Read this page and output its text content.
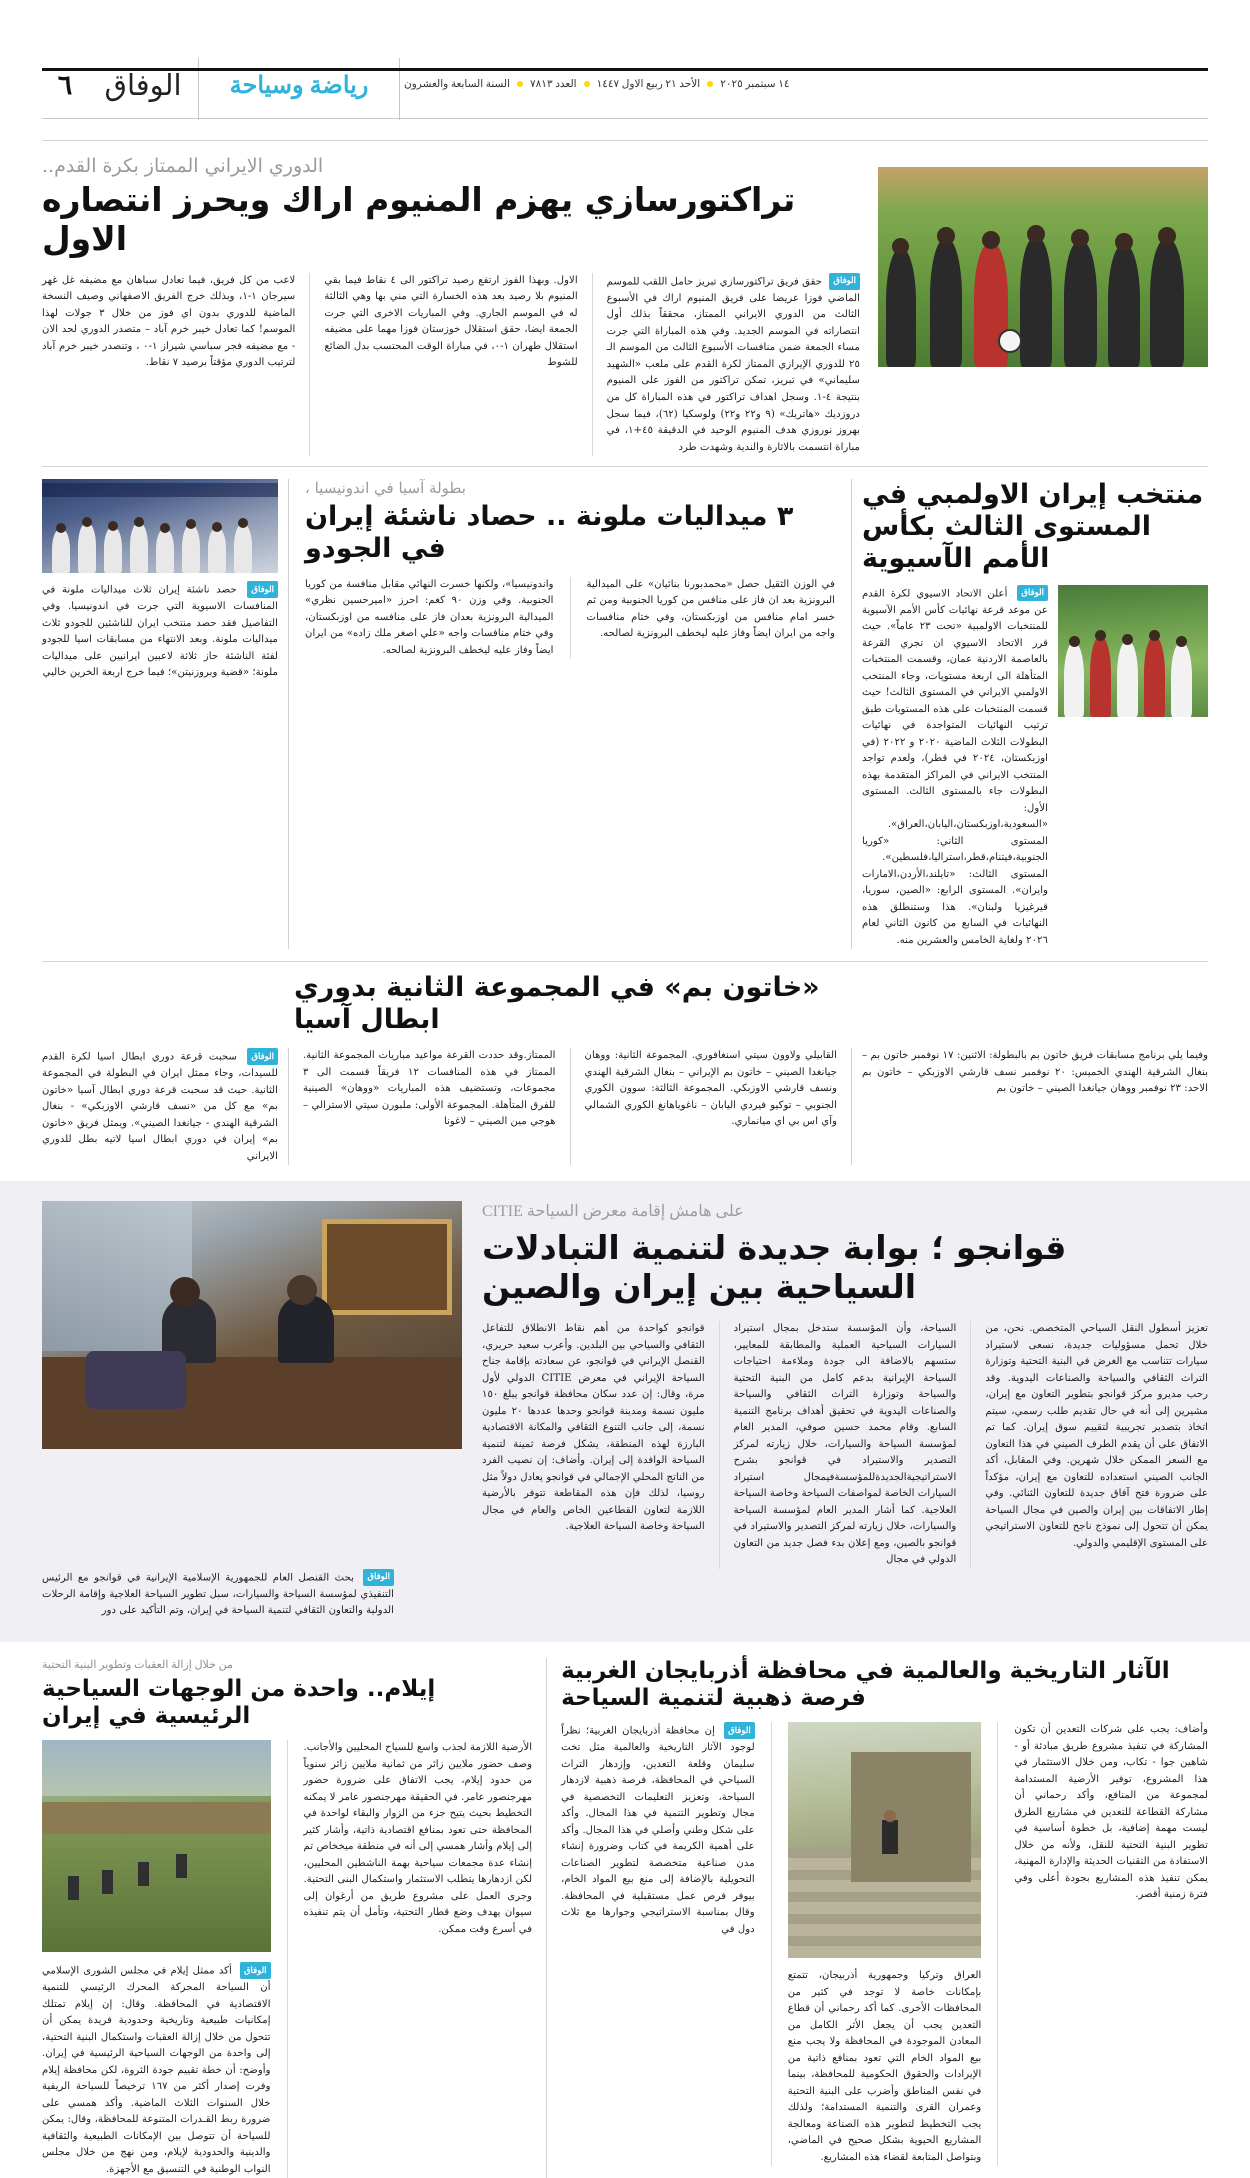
١٤ سبتمبر ٢٠٢٥
الأحد ٢١ ربيع الاول ١٤٤٧
العدد ٧٨١٣
السنة السابعة والعشرون
رياضة وسياحة
الوفاق
٦
الدوري الايراني الممتاز بكرة القدم..
تراكتورسازي يهزم المنيوم اراك ويحرز انتصاره الاول
الوفاق حقق فريق تراكتورسازي تبريز حامل اللقب للموسم الماضي فوزا عريضا على فريق المنيوم اراك في الأسبوع الثالث من الدوري الايراني الممتاز، محققاً بذلك أول انتصاراته في الموسم الجديد. وفي هذه المباراة التي جرت مساء الجمعة ضمن منافسات الأسبوع الثالث من الموسم الـ ٢٥ للدوري الإيرازي الممتاز لكرة القدم على ملعب «الشهيد سليماني» في تبريز، تمكن تراكتور من الفوز على المنيوم بنتيجة ٤-١. وسجل اهداف تراكتور في هذه المباراة كل من دروزديك «هاتريك» (٩ و٢٢ و٢٢) ولوسكيا (٦٢)، فيما سجل بهروز نوروزي هدف المنيوم الوحيد في الدقيقة ٤٥+١، في مباراة انتسمت بالاثارة والندية وشهدت طرد
الاول. وبهذا الفوز ارتفع رصيد تراكتور الى ٤ نقاط فيما بقي المنيوم بلا رصيد بعد هذه الخسارة التي مني بها وهي الثالثة له في الموسم الجاري. وفي المباريات الاخرى التي جرت الجمعة ايضا، حقق استقلال خوزستان فوزا مهما على مضيفه استقلال طهران ١-٠، في مباراة الوقت المحتسب بدل الضائع للشوط
لاعب من كل فريق، فيما تعادل سباهان مع مضيفه غل غهر سيرجان ١-١، وبذلك خرج الفريق الاصفهاني وصيف النسخة الماضية للدوري بدون اي فوز من خلال ٣ جولات لهذا الموسم! كما تعادل خيبر خرم آباد – متصدر الدوري لحد الان - مع مضيفه فجر سباسي شيراز ١-٠ ، وتنصدر خيبر خرم آباد لترتيب الدوري مؤقتاً برصيد ٧ نقاط.
منتخب إيران الاولمبي في المستوى الثالث بكأس الأمم الآسيوية
الوفاق أعلن الاتحاد الاسيوي لكرة القدم عن موعد قرعة نهائيات كأس الأمم الآسيوية للمنتخبات الاولمبية «تحت ٢٣ عاماً». حيث قرر الاتحاد الاسيوي ان تجري القرعة بالعاصمة الاردنية عمان، وقسمت المنتخبات المتأهلة الى اربعة مستويات، وجاء المنتخب الاولمبي الايراني في المستوى الثالث! حيث قسمت المنتخبات على هذه المستويات طبق ترتيب النهائيات المتواجدة في نهائيات البطولات الثلاث الماضية ٢٠٢٠ و ٢٠٢٢ (في اوزبكستان، ٢٠٢٤ في قطر)، ولعدم تواجد المنتخب الايراني في المراكز المتقدمة بهذه البطولات جاء بالمستوى الثالث. المستوى الأول: «السعودية،اوزبكستان،اليابان،العراق». المستوى الثاني: «كوريا الجنوبية،فيتنام،قطر،استراليا،فلسطين». المستوى الثالث: «تايلند،الأردن،الامارات وايران». المستوى الرابع: «الصين، سوريا، قيرغيزيا ولبنان». هذا وستنطلق هذه النهائيات في السابع من كانون الثاني لعام ٢٠٢٦ ولغاية الخامس والعشرين منه.
بطولة آسيا في اندونيسيا ،
٣ ميداليات ملونة .. حصاد ناشئة إيران في الجودو
في الوزن الثقيل حصل «محمدبورنا بنائيان» على الميدالية البرونزية بعد ان فاز على منافس من كوريا الجنوبية ومن ثم خسر امام منافس من اوزبكستان، وفي ختام منافسات واجه من ايران ايضاً وفاز عليه ليخطف البرونزية لصالحه.
واندونيسيا»، ولكنها خسرت النهائي مقابل منافسة من كوريا الجنوبية. وفي وزن ٩٠ كغم: احرز «اميرحسين نظري» الميدالية البرونزية بعدان فاز على منافسه من اوزبكستان، وفي ختام منافسات واجه «علي اصغر ملك زاده» من ايران ايضاً وفاز عليه ليخطف البرونزية لصالحه.
الوفاق حصد ناشئة إيران ثلاث ميداليات ملونة في المنافسات الاسيوية التي جرت في اندونيسيا. وفي التفاصيل فقد حصد منتخب ايران للناشئين للجودو ثلاث ميداليات ملونة. وبعد الانتهاء من مسابقات اسيا للجودو لفئة الناشئة حاز ثلاثة لاعبين ايرانيين على ميداليات ملونة؛ «قضية وبروزنيتن»؛ فيما خرج اربعة الخرين خاليي
«خاتون بم» في المجموعة الثانية بدوري ابطال آسيا
وفيما يلي برنامج مسابقات فريق خاتون بم بالبطولة: الاثنين: ١٧ نوفمبر خاتون بم – بنغال الشرقية الهندي الخميس: ٢٠ نوفمبر نسف قارشي الاوزبكي – خاتون بم الاحد: ٢٣ نوفمبر ووهان جيانغدا الصيني – خاتون بم
القابيلي ولاوون سيتي اسنغافوري. المجموعة الثانية: ووهان جيانغدا الصيني – خاتون بم الإيراني – بنغال الشرقية الهندي ونسف قارشي الاوزبكي. المجموعة الثالثة: سوون الكوري الجنوبي – توكيو فيردي اليابان – ناغوياهانغ الكوري الشمالي وآي اس بي اي ميانماري.
الممتاز.وقد حددت القرعة مواعيد مباريات المجموعة الثانية. الممتاز في هذه المنافسات ١٢ فريقاً قسمت الى ٣ مجموعات، وتستضيف هذه المباريات «ووهان» الصينية للفرق المتأهلة. المجموعة الأولى: ملبورن سيتي الاسترالي – هوجي مين الصيني – لاغونا
الوفاق سحبت قرعة دوري ابطال اسيا لكرة القدم للسيدات، وجاء ممثل ايران في البطولة في المجموعة الثانية. حيث قد سحبت قرعة دوري ابطال آسيا «خاتون بم» مع كل من «نسف قارشي الاوزبكي» - بنغال الشرقية الهندي - جيانغدا الصيني». ويمثل فريق «خاتون بم» إيران في دوري ابطال اسيا لاتيه بطل للدوري الايراني
على هامش إقامة معرض السياحة CITIE
قوانجو ؛ بوابة جديدة لتنمية التبادلات السياحية بين إيران والصين
تعزيز أسطول النقل السياحي المتخصص. نحن، من خلال تحمل مسؤوليات جديدة، نسعى لاستيراد سيارات تتناسب مع الغرض في البنية التحتية وتوزارة التراث الثقافي والسياحة والصناعات اليدوية. وقد رحب مديرو مركز قوانجو بتطوير التعاون مع إيران، مشيرين إلى أنه في حال تقديم طلب رسمي، سيتم اتخاذ بتصدير تجريبية لتقييم سوق إيران. كما تم الاتفاق على أن يقدم الطرف الصيني في هذا التعاون مع السعر الممكن خلال شهرين. وفي المقابل، أكد الجانب الصيني استعداده للتعاون مع إيران، مؤكداً على ضرورة فتح آفاق جديدة للتعاون الثنائي. وفي إطار الاتفاقات بين إيران والصين في مجال السياحة يمكن أن تتحول إلى نموذج ناجح للتعاون الاستراتيجي على المستوى الإقليمي والدولي.
السياحة، وأن المؤسسة ستدخل بمجال استيراد السيارات السياحية العملية والمطابقة للمعايير، ستسهم بالاضافة الى جودة وملاءمة احتياجات السياحة الإيرانية بدعم كامل من البنية التحتية والسياحة وتوزارة التراث الثقافي والسياحة والصناعات اليدوية في تحقيق أهداف برنامج التنمية السابع. وقام محمد حسين صوفي، المدير العام لمؤسسة السياحة والسيارات، خلال زيارته لمركز التصدير والاستيراد في قوانجو بشرح الاستراتيجيةالجديدةللمؤسسةفيمجال استيراد السيارات الخاصة لمواصفات السياحة وخاصة السياحة العلاجية. كما أشار المدير العام لمؤسسة السياحة والسيارات، خلال زيارته لمركز التصدير والاستيراد في قوانجو بالصين، ومع إعلان بدء فصل جديد من التعاون الدولي في مجال
قوانجو كواحدة من أهم نقاط الانطلاق للتفاعل الثقافي والسياحي بين البلدين. وأعرب سعيد حريري، القنصل الإيراني في قوانجو، عن سعادته بإقامة جناح السياحة الإيراني في معرض CITIE الدولي لأول مرة، وقال: إن عدد سكان محافظة قوانجو يبلغ ١٥٠ مليون نسمة ومدينة قوانجو وحدها عددها ٢٠ مليون نسمة، إلى جانب التنوع الثقافي والمكانة الاقتصادية البارزة لهذه المنطقة، يشكل فرصة ثمينة لتنمية السياحة الوافدة إلى إيران. وأضاف: إن نصيب الفرد من الناتج المحلي الإجمالي في قوانجو يعادل دولاً مثل روسيا، لذلك فإن هذه المقاطعة تتوفر بالأرضية اللازمة لتعاون القطاعين الخاص والعام في مجال السياحة وخاصة السياحة العلاجية.
الوفاق بحث القنصل العام للجمهورية الإسلامية الإيرانية في قوانجو مع الرئيس التنفيذي لمؤسسة السياحة والسيارات، سبل تطوير السياحة العلاجية وإقامة الرحلات الدولية والتعاون الثقافي لتنمية السياحة في إيران، وتم التأكيد على دور
الآثار التاريخية والعالمية في محافظة أذربايجان الغربية فرصة ذهبية لتنمية السياحة
وأضاف: يجب على شركات التعدين أن تكون المشاركة في تنفيذ مشروع طريق مبادئة أو - شاهين جوا - تكاب، ومن خلال الاستثمار في هذا المشروع، توفير الأرضية المستدامة لمجموعة من المنافع، وأكد رحماني أن مشاركة القطاعة للتعدين في مشاريع الطرق ليست مهمة إضافية، بل خطوة أساسية في تطوير البنية التحتية للنقل، ولأنه من خلال الاستفادة من التقنيات الحديثة والإدارة المهنية، يمكن تنفيذ هذه المشاريع بجودة أعلى وفي فترة زمنية أقصر.
العراق وتركيا وجمهورية أذربيجان، تتمتع بإمكانات خاصة لا توجد في كثير من المحافظات الأخرى. كما أكد رحماني أن قطاع التعدين يجب أن يجعل الأثر الكامل من المعادن الموجودة في المحافظة ولا يجب منع بيع المواد الخام التي تعود بمنافع ذاتية من الإيرادات والحقوق الحكومية للمحافظة، بينما في نفس المناطق وأضرب على البنية التحتية وعمران القرى والتنمية المستدامة؛ ولذلك يجب التخطيط لتطوير هذه الصناعة ومعالجة المشاريع الحيوية بشكل صحيح في الماضي، وبتواصل المتابعة لقضاء هذه المشاريع.
الوفاق إن محافظة أذربايجان الغربية؛ نظراً لوجود الآثار التاريخية والعالمية مثل تخت سليمان وقلعة التعدين، وإزدهار التراث السياحي في المحافظة، فرصة ذهبية لازدهار السياحة، وتعزيز التعليمات التخصصية في مجال وتطوير التنمية في هذا المجال. وأكد على شكل وطني وأصلي في هذا المجال. وأكد على أهمية الكريمة في كتاب وضرورة إنشاء مدن صناعية متخصصة لتطوير الصناعات التحويلية بالإضافة إلى منع بيع المواد الخام، بيوفر فرص عمل مستقبلية في المحافظة. وقال بمناسبة الاستراتيجي وجوارها مع ثلاث دول في
من خلال إزالة العقبات وتطوير البنية التحتية
إيلام.. واحدة من الوجهات السياحية الرئيسية في إيران
الأرضية اللازمة لجذب واسع للسياح المحليين والأجانب. وصف حضور ملايين زائر من ثمانية ملايين زائر سنوياً من حدود إيلام، يجب الاتفاق على ضرورة حضور مهرجنصور عامر. في الحقيقة مهرجنصور عامر لا يمكنه التخطيط بحيث يتيح جزء من الزوار والبقاء لواحدة في المحافظة حتى تعود بمنافع اقتصادية ذاتية، وأشار كثير إلى إيلام وأشار همسي إلى أنه في منطقة ميخخاص تم إنشاء عدة مجمعات سياحية بهمة الناشطين المحليين، لكن ازدهارها يتطلب الاستثمار واستكمال البنى التحتية. وجرى العمل على مشروع طريق من أرغوان إلى سيوان يهدف وضع قطار التحتية، وتأمل أن يتم تنفيذه في أسرع وقت ممكن.
الوفاق أكد ممثل إيلام في مجلس الشورى الإسلامي أن السياحة المحركة المحرك الرئيسي للتنمية الاقتصادية في المحافظة. وقال: إن إيلام تمتلك إمكانيات طبيعية وتاريخية وحدودية فريدة يمكن أن تتحول من خلال إزالة العقبات واستكمال البنية التحتية، إلى واحدة من الوجهات السياحية الرئيسية في إيران. وأوضح: أن خطة تقييم جودة الثروة، لكن محافظة إيلام وفرت إصدار أكثر من ١٦٧ ترخيصاً للسياحة الريفية خلال السنوات الثلاث الماضية. وأكد همسي على ضرورة ربط القـدرات المتنوعة للمحافظة، وقال: يمكن للسياحة أن تتوصل بين الإمكانات الطبيعية والثقافية والدينية والحدودية لإيلام، ومن نهج من خلال مجلس النواب الوطنية في التنسيق مع الأجهزة.
